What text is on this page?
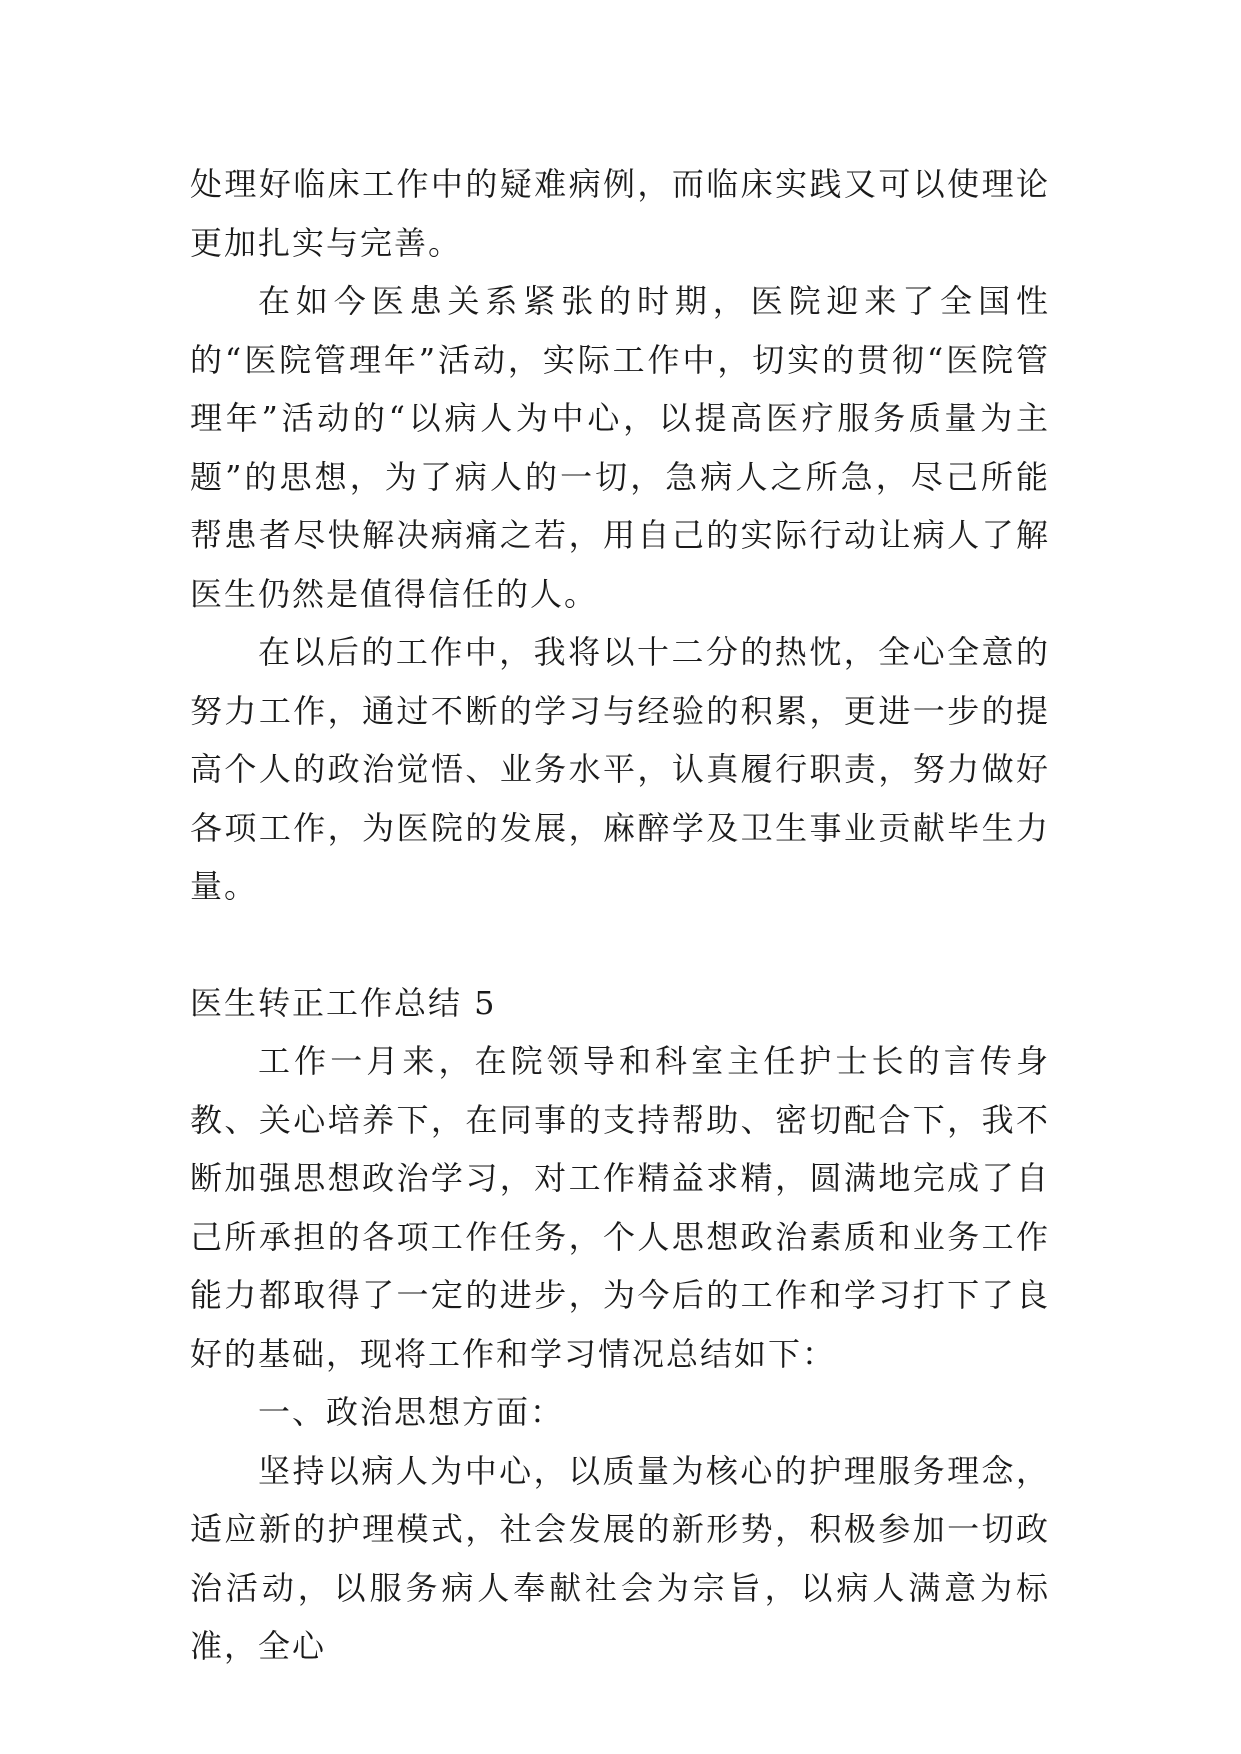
处理好临床工作中的疑难病例，而临床实践又可以使理论更加扎实与完善。

在如今医患关系紧张的时期，医院迎来了全国性的“医院管理年”活动，实际工作中，切实的贯彻“医院管理年”活动的“以病人为中心，以提高医疗服务质量为主题”的思想，为了病人的一切，急病人之所急，尽己所能帮患者尽快解决病痛之若，用自己的实际行动让病人了解医生仍然是值得信任的人。

在以后的工作中，我将以十二分的热忱，全心全意的努力工作，通过不断的学习与经验的积累，更进一步的提高个人的政治觉悟、业务水平，认真履行职责，努力做好各项工作，为医院的发展，麻醉学及卫生事业贡献毕生力量。

医生转正工作总结 5

工作一月来，在院领导和科室主任护士长的言传身教、关心培养下，在同事的支持帮助、密切配合下，我不断加强思想政治学习，对工作精益求精，圆满地完成了自己所承担的各项工作任务，个人思想政治素质和业务工作能力都取得了一定的进步，为今后的工作和学习打下了良好的基础，现将工作和学习情况总结如下：

一、政治思想方面：

坚持以病人为中心，以质量为核心的护理服务理念，适应新的护理模式，社会发展的新形势，积极参加一切政治活动，以服务病人奉献社会为宗旨，以病人满意为标准，全心
